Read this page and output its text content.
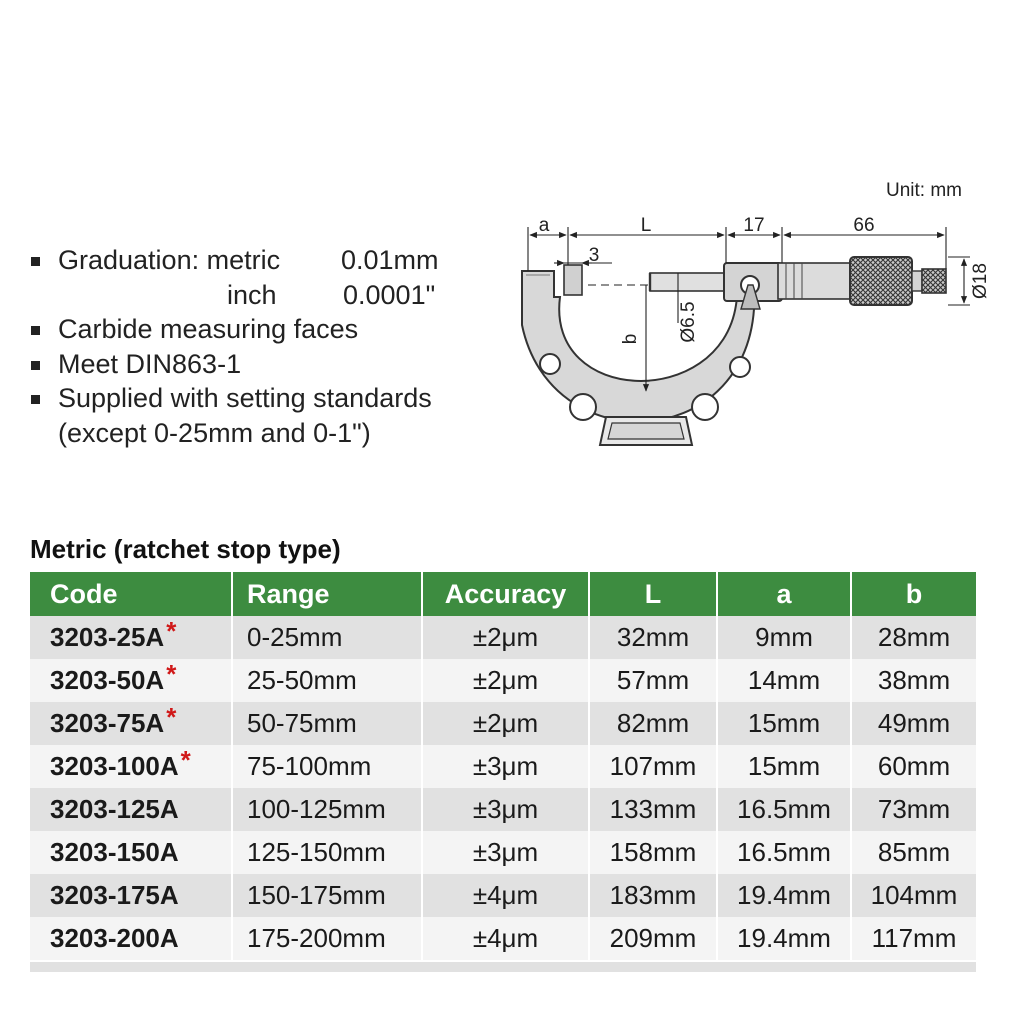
Unit: mm
Graduation: metric 0.01mm
inch 0.0001"
Carbide measuring faces
Meet DIN863-1
Supplied with setting standards
(except 0-25mm and 0-1")
a	L	17	66
3
b Ø6.5
Ø18
Metric (ratchet stop type)
Code	Range	Accuracy	L	a	b
3203-25A*	0-25mm	±2μm	32mm	9mm	28mm
3203-50A*	25-50mm	±2μm	57mm	14mm	38mm
3203-75A*	50-75mm	±2μm	82mm	15mm	49mm
3203-100A*	75-100mm	±3μm	107mm	15mm	60mm
3203-125A	100-125mm	±3μm	133mm	16.5mm	73mm
3203-150A	125-150mm	±3μm	158mm	16.5mm	85mm
3203-175A	150-175mm	±4μm	183mm	19.4mm	104mm
3203-200A	175-200mm	±4μm	209mm	19.4mm	117mm
